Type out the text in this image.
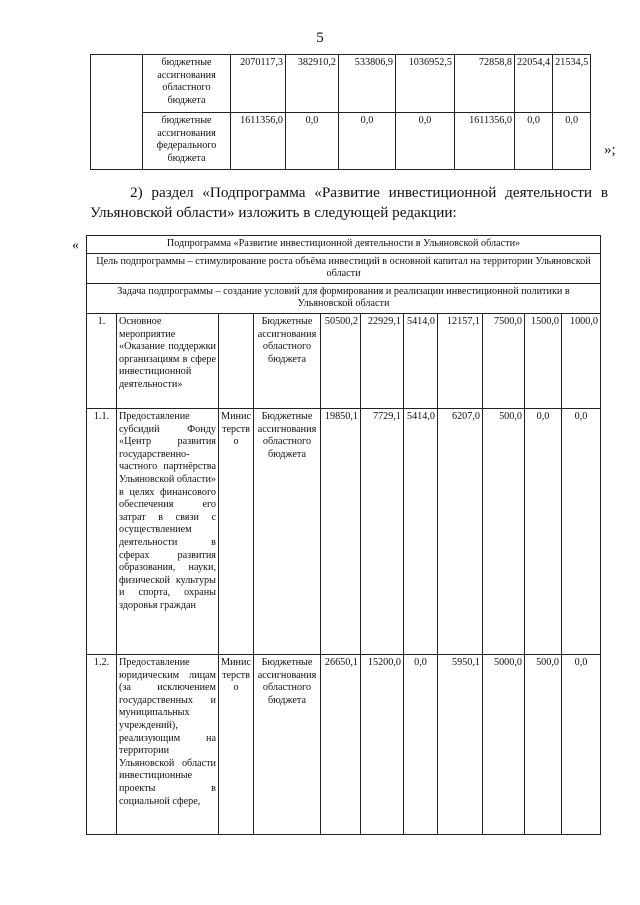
5
	бюджетные ассигнования областного бюджета	2070117,3	382910,2	533806,9	1036952,5	72858,8	22054,4	21534,5
	бюджетные ассигнования федерального бюджета	1611356,0	0,0	0,0	0,0	1611356,0	0,0	0,0
»;
2) раздел «Подпрограмма «Развитие инвестиционной деятельности в Ульяновской области» изложить в следующей редакции:
«	Подпрограмма «Развитие инвестиционной деятельности в Ульяновской области»										
Цель подпрограммы – стимулирование роста объёма инвестиций в основной капитал на территории Ульяновской области										
Задача подпрограммы – создание условий для формирования и реализации инвестиционной политики в Ульяновской области										
1.	Основное мероприятие «Оказание поддержки организациям в сфере инвестиционной деятельности»		Бюджетные ассигнования областного бюджета	50500,2	22929,1	5414,0	12157,1	7500,0	1500,0	1000,0
1.1.	Предоставление субсидий Фонду «Центр развития государственно-частного партнёрства Ульяновской области» в целях финансового обеспечения его затрат в связи с осуществлением деятельности в сферах развития образования, науки, физической культуры и спорта, охраны здоровья граждан	Министерство	Бюджетные ассигнования областного бюджета	19850,1	7729,1	5414,0	6207,0	500,0	0,0	0,0
1.2.	Предоставление юридическим лицам (за исключением государственных и муниципальных учреждений), реализующим на территории Ульяновской области инвестиционные проекты в социальной сфере,	Министерство	Бюджетные ассигнования областного бюджета	26650,1	15200,0	0,0	5950,1	5000,0	500,0	0,0
